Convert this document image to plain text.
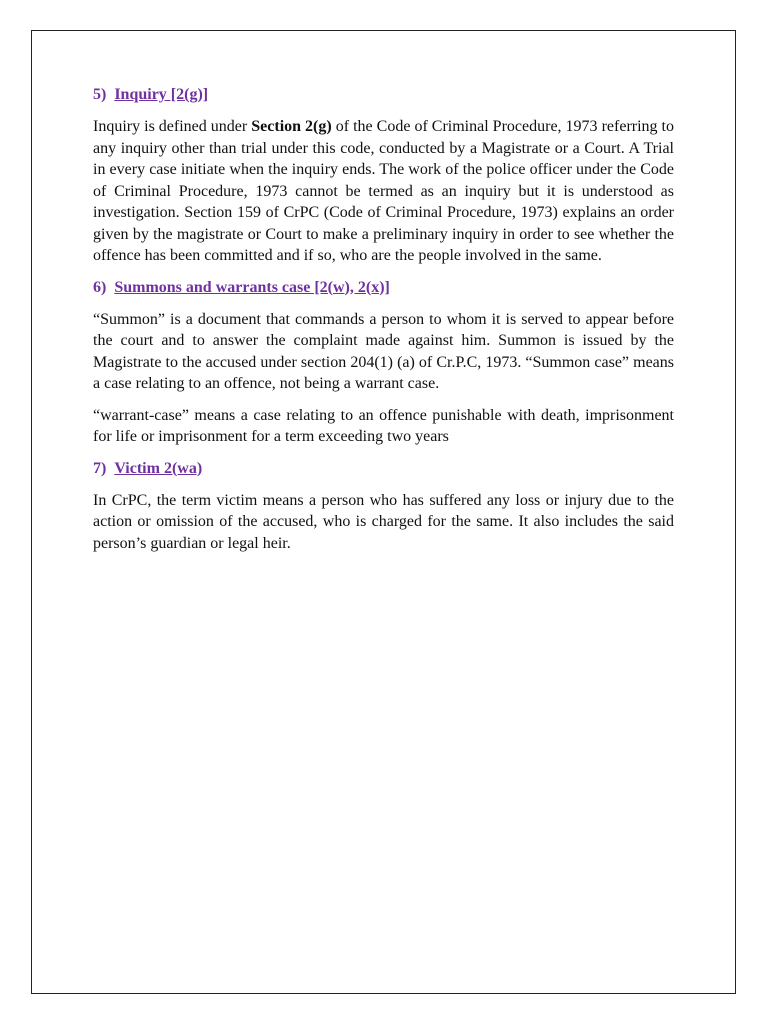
5) Inquiry [2(g)]

Inquiry is defined under Section 2(g) of the Code of Criminal Procedure, 1973 referring to any inquiry other than trial under this code, conducted by a Magistrate or a Court. A Trial in every case initiate when the inquiry ends. The work of the police officer under the Code of Criminal Procedure, 1973 cannot be termed as an inquiry but it is understood as investigation. Section 159 of CrPC (Code of Criminal Procedure, 1973) explains an order given by the magistrate or Court to make a preliminary inquiry in order to see whether the offence has been committed and if so, who are the people involved in the same.

6) Summons and warrants case [2(w), 2(x)]

“Summon” is a document that commands a person to whom it is served to appear before the court and to answer the complaint made against him. Summon is issued by the Magistrate to the accused under section 204(1) (a) of Cr.P.C, 1973. “Summon case” means a case relating to an offence, not being a warrant case.

“warrant-case” means a case relating to an offence punishable with death, imprisonment for life or imprisonment for a term exceeding two years

7) Victim 2(wa)

In CrPC, the term victim means a person who has suffered any loss or injury due to the action or omission of the accused, who is charged for the same. It also includes the said person’s guardian or legal heir.
